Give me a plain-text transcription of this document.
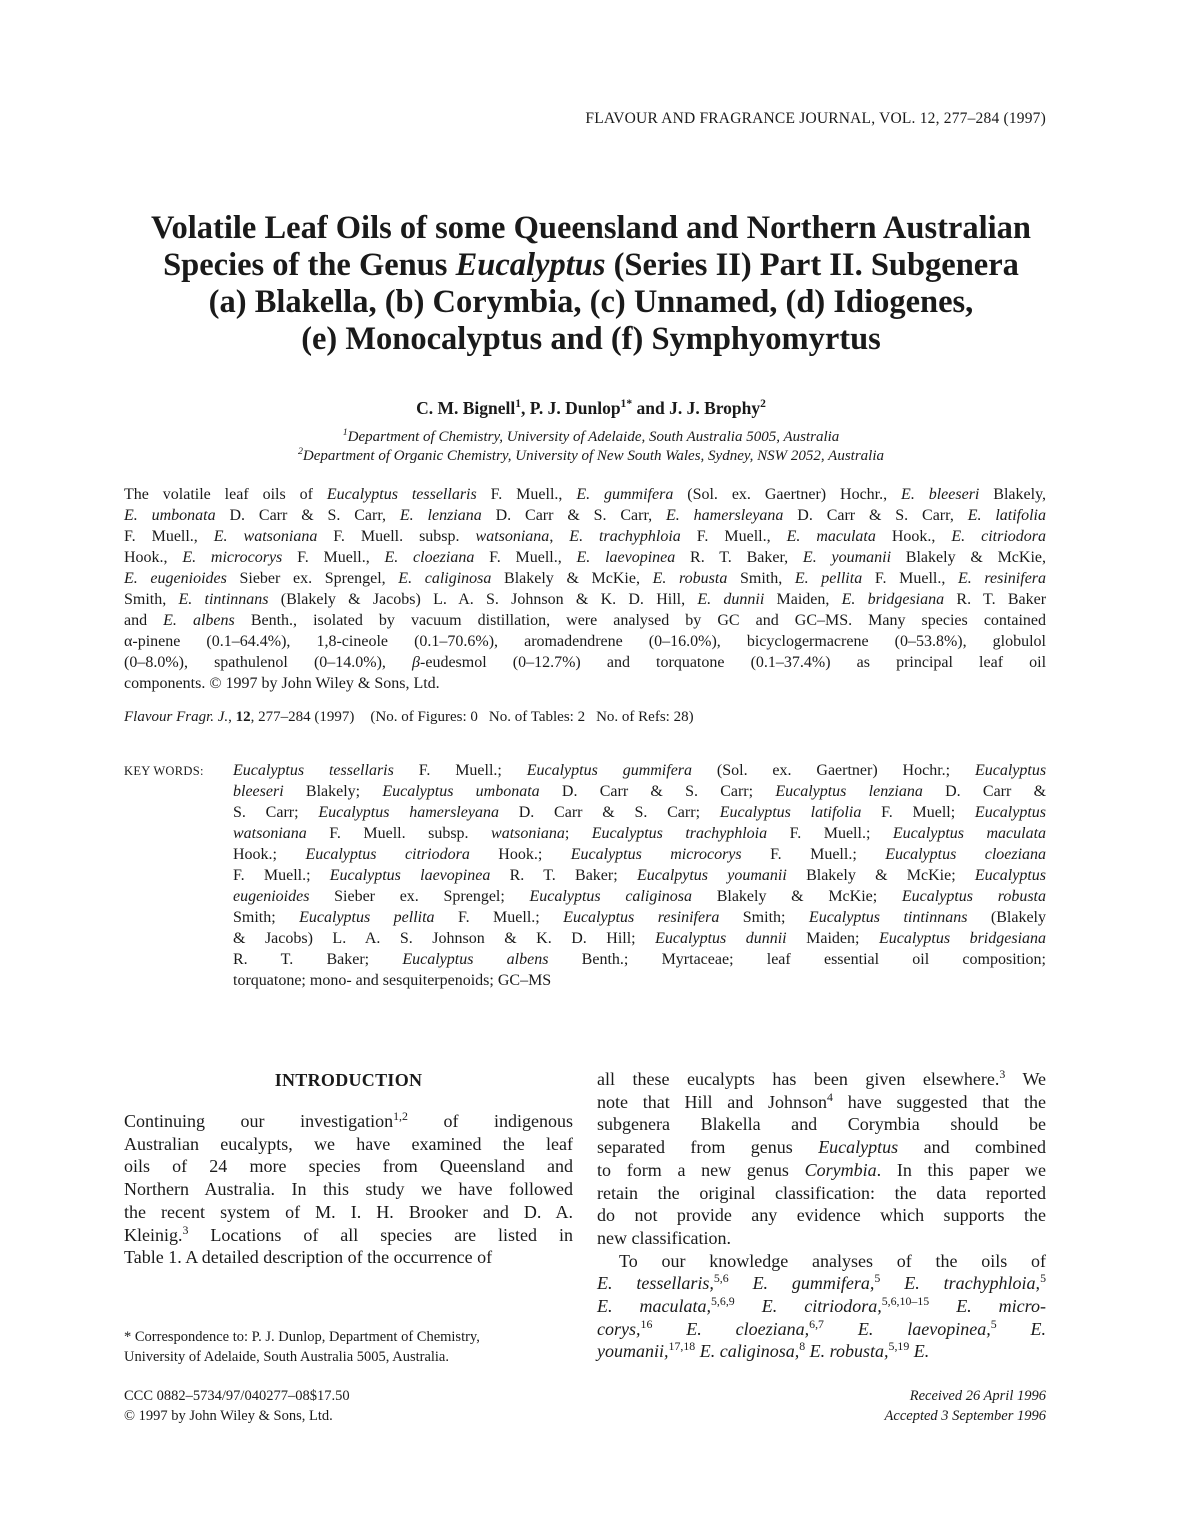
FLAVOUR AND FRAGRANCE JOURNAL, VOL. 12, 277–284 (1997)
Volatile Leaf Oils of some Queensland and Northern Australian
Species of the Genus Eucalyptus (Series II) Part II. Subgenera
(a) Blakella, (b) Corymbia, (c) Unnamed, (d) Idiogenes,
(e) Monocalyptus and (f) Symphyomyrtus
C. M. Bignell$^1$, P. J. Dunlop$^{1*}$ and J. J. Brophy$^2$
$^1$Department of Chemistry, University of Adelaide, South Australia 5005, Australia
$^2$Department of Organic Chemistry, University of New South Wales, Sydney, NSW 2052, Australia
The volatile leaf oils of Eucalyptus tessellaris F. Muell., E. gummifera (Sol. ex. Gaertner) Hochr., E. bleeseri Blakely,
E. umbonata D. Carr & S. Carr, E. lenziana D. Carr & S. Carr, E. hamersleyana D. Carr & S. Carr, E. latifolia
F. Muell., E. watsoniana F. Muell. subsp. watsoniana, E. trachyphloia F. Muell., E. maculata Hook., E. citriodora
Hook., E. microcorys F. Muell., E. cloeziana F. Muell., E. laevopinea R. T. Baker, E. youmanii Blakely & McKie,
E. eugenioides Sieber ex. Sprengel, E. caliginosa Blakely & McKie, E. robusta Smith, E. pellita F. Muell., E. resinifera
Smith, E. tintinnans (Blakely & Jacobs) L. A. S. Johnson & K. D. Hill, E. dunnii Maiden, E. bridgesiana R. T. Baker
and E. albens Benth., isolated by vacuum distillation, were analysed by GC and GC–MS. Many species contained
α-pinene (0.1–64.4%), 1,8-cineole (0.1–70.6%), aromadendrene (0–16.0%), bicyclogermacrene (0–53.8%), globulol
(0–8.0%), spathulenol (0–14.0%), β-eudesmol (0–12.7%) and torquatone (0.1–37.4%) as principal leaf oil
components. © 1997 by John Wiley & Sons, Ltd.
Flavour Fragr. J., 12, 277–284 (1997) (No. of Figures: 0 No. of Tables: 2 No. of Refs: 28)
KEY WORDS: Eucalyptus tessellaris F. Muell.; Eucalyptus gummifera (Sol. ex. Gaertner) Hochr.; Eucalyptus
bleeseri Blakely; Eucalyptus umbonata D. Carr & S. Carr; Eucalyptus lenziana D. Carr &
S. Carr; Eucalyptus hamersleyana D. Carr & S. Carr; Eucalyptus latifolia F. Muell; Eucalyptus
watsoniana F. Muell. subsp. watsoniana; Eucalyptus trachyphloia F. Muell.; Eucalyptus maculata
Hook.; Eucalyptus citriodora Hook.; Eucalyptus microcorys F. Muell.; Eucalyptus cloeziana
F. Muell.; Eucalyptus laevopinea R. T. Baker; Eucalpytus youmanii Blakely & McKie; Eucalyptus
eugenioides Sieber ex. Sprengel; Eucalyptus caliginosa Blakely & McKie; Eucalyptus robusta
Smith; Eucalyptus pellita F. Muell.; Eucalyptus resinifera Smith; Eucalyptus tintinnans (Blakely
& Jacobs) L. A. S. Johnson & K. D. Hill; Eucalyptus dunnii Maiden; Eucalyptus bridgesiana
R. T. Baker; Eucalyptus albens Benth.; Myrtaceae; leaf essential oil composition;
torquatone; mono- and sesquiterpenoids; GC–MS
INTRODUCTION
Continuing our investigation$^{1,2}$ of indigenous
Australian eucalypts, we have examined the leaf
oils of 24 more species from Queensland and
Northern Australia. In this study we have followed
the recent system of M. I. H. Brooker and D. A.
Kleinig.$^3$ Locations of all species are listed in
Table 1. A detailed description of the occurrence of
all these eucalypts has been given elsewhere.$^3$ We
note that Hill and Johnson$^4$ have suggested that the
subgenera Blakella and Corymbia should be
separated from genus Eucalyptus and combined
to form a new genus Corymbia. In this paper we
retain the original classification: the data reported
do not provide any evidence which supports the
new classification.
To our knowledge analyses of the oils of
E. tessellaris,$^{5,6}$ E. gummifera,$^5$ E. trachyphloia,$^5$
E. maculata,$^{5,6,9}$ E. citriodora,$^{5,6,10-15}$ E. micro-
corys,$^{16}$ E. cloeziana,$^{6,7}$ E. laevopinea,$^5$ E.
youmanii,$^{17,18}$ E. caliginosa,$^8$ E. robusta,$^{5,19}$ E.
* Correspondence to: P. J. Dunlop, Department of Chemistry,
University of Adelaide, South Australia 5005, Australia.
CCC 0882–5734/97/040277–08$17.50
© 1997 by John Wiley & Sons, Ltd.
Received 26 April 1996
Accepted 3 September 1996
